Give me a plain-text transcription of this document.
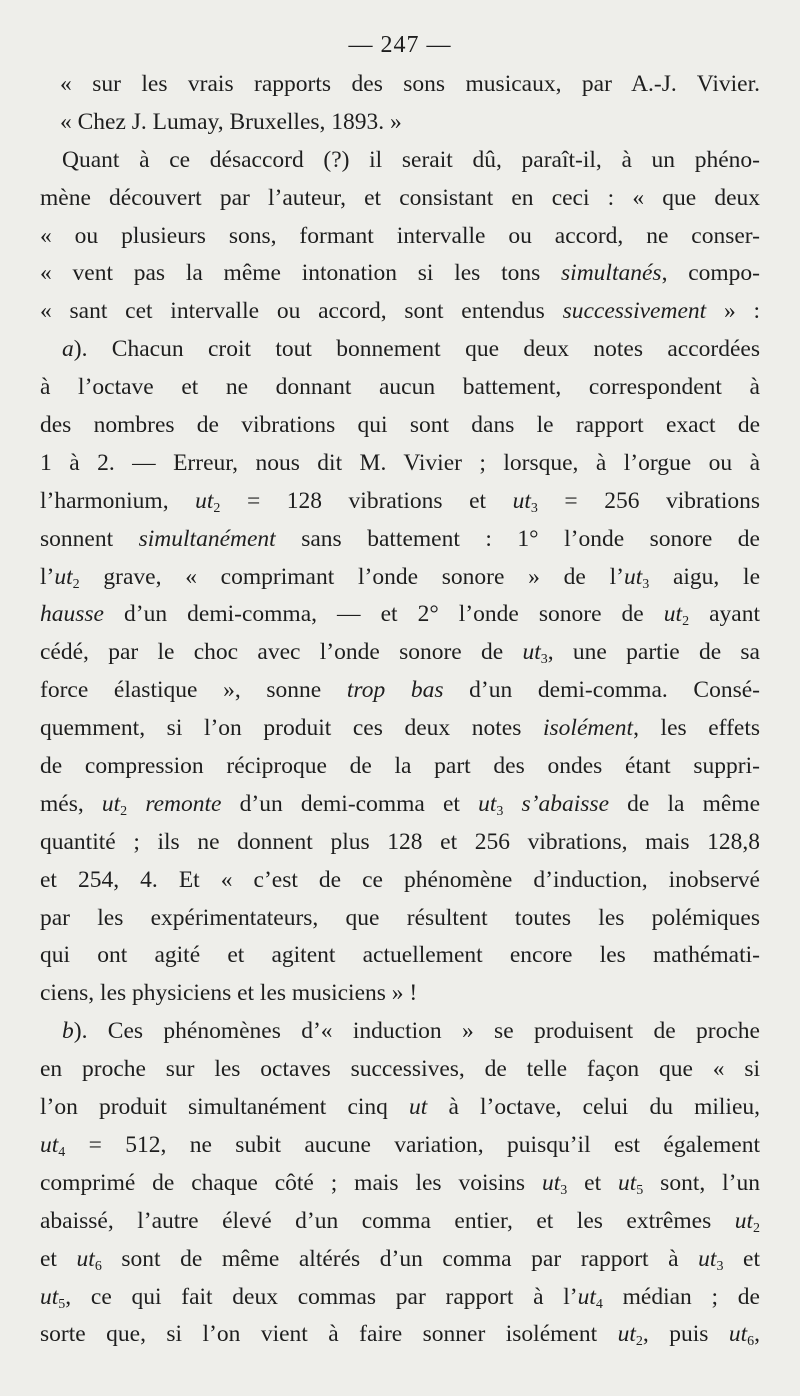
— 247 —
« sur les vrais rapports des sons musicaux, par A.-J. Vivier.
« Chez J. Lumay, Bruxelles, 1893. »
Quant à ce désaccord (?) il serait dû, paraît-il, à un phéno-
mène découvert par l’auteur, et consistant en ceci : « que deux
« ou plusieurs sons, formant intervalle ou accord, ne conser-
« vent pas la même intonation si les tons simultanés, compo-
« sant cet intervalle ou accord, sont entendus successivement » :
a). Chacun croit tout bonnement que deux notes accordées
à l’octave et ne donnant aucun battement, correspondent à
des nombres de vibrations qui sont dans le rapport exact de
1 à 2. — Erreur, nous dit M. Vivier ; lorsque, à l’orgue ou à
l’harmonium, $ut_2 = 128$ vibrations et $ut_3 = 256$ vibrations
sonnent simultanément sans battement : 1° l’onde sonore de
$l’ut_2$ grave, « comprimant l’onde sonore » de $l’ut_3$ aigu, le
hausse d’un demi-comma, — et 2° l’onde sonore de $ut_2$ ayant
cédé, par le choc avec l’onde sonore de $ut_3$, une partie de sa
force élastique », sonne trop bas d’un demi-comma. Consé-
quemment, si l’on produit ces deux notes isolément, les effets
de compression réciproque de la part des ondes étant suppri-
més, $ut_2$ remonte d’un demi-comma et $ut_3$ s’abaisse de la même
quantité ; ils ne donnent plus 128 et 256 vibrations, mais 128,8
et 254, 4. Et « c’est de ce phénomène d’induction, inobservé
par les expérimentateurs, que résultent toutes les polémiques
qui ont agité et agitent actuellement encore les mathémati-
ciens, les physiciens et les musiciens » !
b). Ces phénomènes d’« induction » se produisent de proche
en proche sur les octaves successives, de telle façon que « si
l’on produit simultanément cinq ut à l’octave, celui du milieu,
$ut_4 = 512$, ne subit aucune variation, puisqu’il est également
comprimé de chaque côté ; mais les voisins $ut_3$ et $ut_5$ sont, l’un
abaissé, l’autre élevé d’un comma entier, et les extrêmes $ut_2$
et $ut_6$ sont de même altérés d’un comma par rapport à $ut_3$ et
$ut_5$, ce qui fait deux commas par rapport à $l’ut_4$ médian ; de
sorte que, si l’on vient à faire sonner isolément $ut_2$, puis $ut_6$,
